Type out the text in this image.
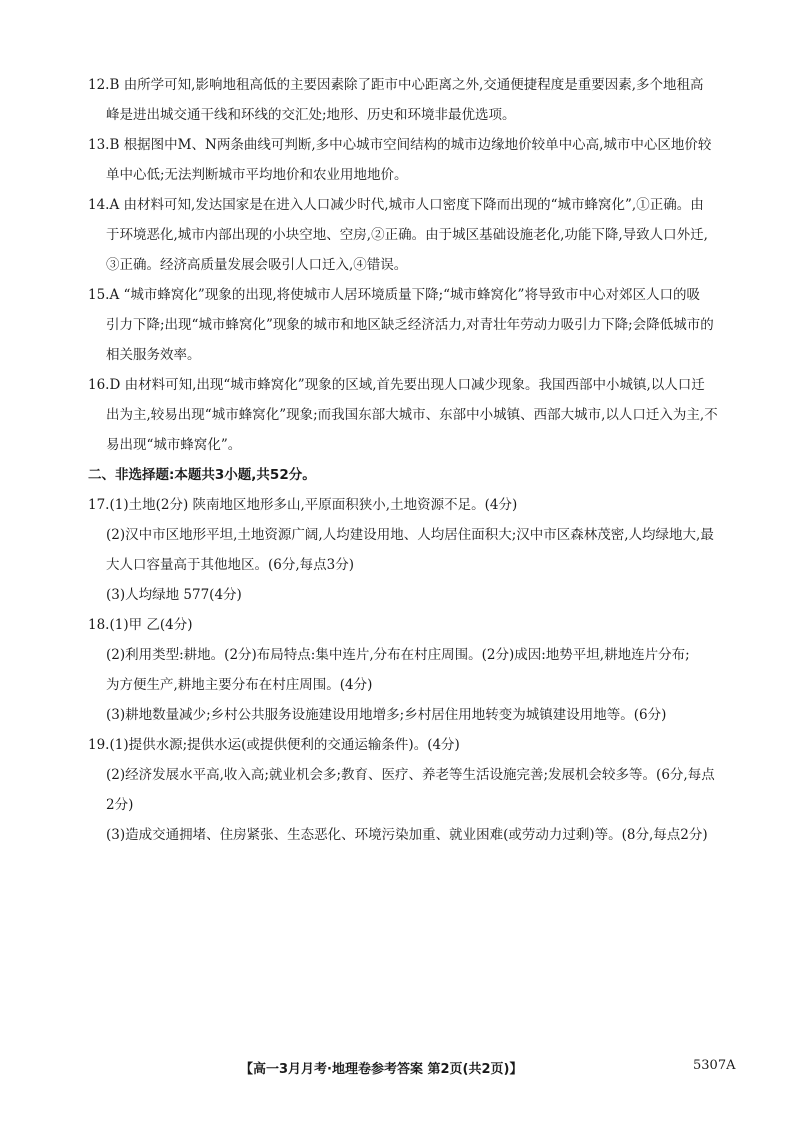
12.B 由所学可知,影响地租高低的主要因素除了距市中心距离之外,交通便捷程度是重要因素,多个地租高
峰是进出城交通干线和环线的交汇处;地形、历史和环境非最优选项。
13.B 根据图中M、N两条曲线可判断,多中心城市空间结构的城市边缘地价较单中心高,城市中心区地价较
单中心低;无法判断城市平均地价和农业用地地价。
14.A 由材料可知,发达国家是在进入人口减少时代,城市人口密度下降而出现的“城市蜂窝化”,①正确。由
于环境恶化,城市内部出现的小块空地、空房,②正确。由于城区基础设施老化,功能下降,导致人口外迁,
③正确。经济高质量发展会吸引人口迁入,④错误。
15.A “城市蜂窝化”现象的出现,将使城市人居环境质量下降;“城市蜂窝化”将导致市中心对郊区人口的吸
引力下降;出现“城市蜂窝化”现象的城市和地区缺乏经济活力,对青壮年劳动力吸引力下降;会降低城市的
相关服务效率。
16.D 由材料可知,出现“城市蜂窝化”现象的区域,首先要出现人口减少现象。我国西部中小城镇,以人口迁
出为主,较易出现“城市蜂窝化”现象;而我国东部大城市、东部中小城镇、西部大城市,以人口迁入为主,不
易出现“城市蜂窝化”。
二、非选择题:本题共3小题,共52分。
17.(1)土地(2分) 陕南地区地形多山,平原面积狭小,土地资源不足。(4分)
(2)汉中市区地形平坦,土地资源广阔,人均建设用地、人均居住面积大;汉中市区森林茂密,人均绿地大,最
大人口容量高于其他地区。(6分,每点3分)
(3)人均绿地 577(4分)
18.(1)甲 乙(4分)
(2)利用类型:耕地。(2分)布局特点:集中连片,分布在村庄周围。(2分)成因:地势平坦,耕地连片分布;
为方便生产,耕地主要分布在村庄周围。(4分)
(3)耕地数量减少;乡村公共服务设施建设用地增多;乡村居住用地转变为城镇建设用地等。(6分)
19.(1)提供水源;提供水运(或提供便利的交通运输条件)。(4分)
(2)经济发展水平高,收入高;就业机会多;教育、医疗、养老等生活设施完善;发展机会较多等。(6分,每点
2分)
(3)造成交通拥堵、住房紧张、生态恶化、环境污染加重、就业困难(或劳动力过剩)等。(8分,每点2分)
【高一3月月考·地理卷参考答案 第2页(共2页)】	5307A
